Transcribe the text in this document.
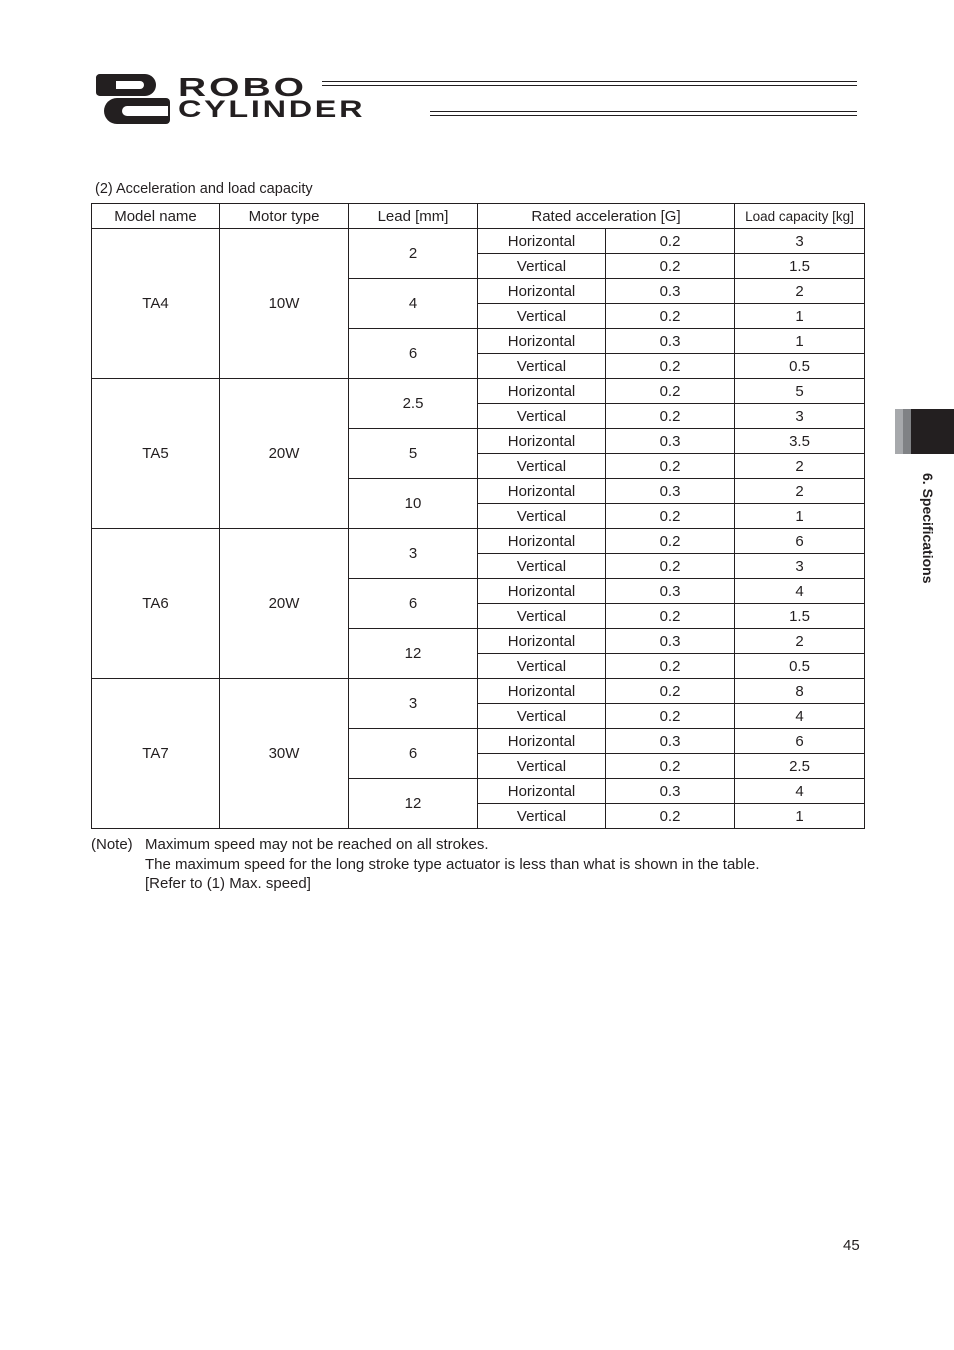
ROBO
CYLINDER
6. Specifications
(2) Acceleration and load capacity
Model name	Motor type	Lead [mm]	Rated acceleration [G]		Load capacity [kg]
TA4	10W	2	Horizontal	0.2	3
			Vertical	0.2	1.5
		4	Horizontal	0.3	2
			Vertical	0.2	1
		6	Horizontal	0.3	1
			Vertical	0.2	0.5
TA5	20W	2.5	Horizontal	0.2	5
			Vertical	0.2	3
		5	Horizontal	0.3	3.5
			Vertical	0.2	2
		10	Horizontal	0.3	2
			Vertical	0.2	1
TA6	20W	3	Horizontal	0.2	6
			Vertical	0.2	3
		6	Horizontal	0.3	4
			Vertical	0.2	1.5
		12	Horizontal	0.3	2
			Vertical	0.2	0.5
TA7	30W	3	Horizontal	0.2	8
			Vertical	0.2	4
		6	Horizontal	0.3	6
			Vertical	0.2	2.5
		12	Horizontal	0.3	4
			Vertical	0.2	1
(Note) Maximum speed may not be reached on all strokes.
The maximum speed for the long stroke type actuator is less than what is shown in the table.
[Refer to (1) Max. speed]
45
